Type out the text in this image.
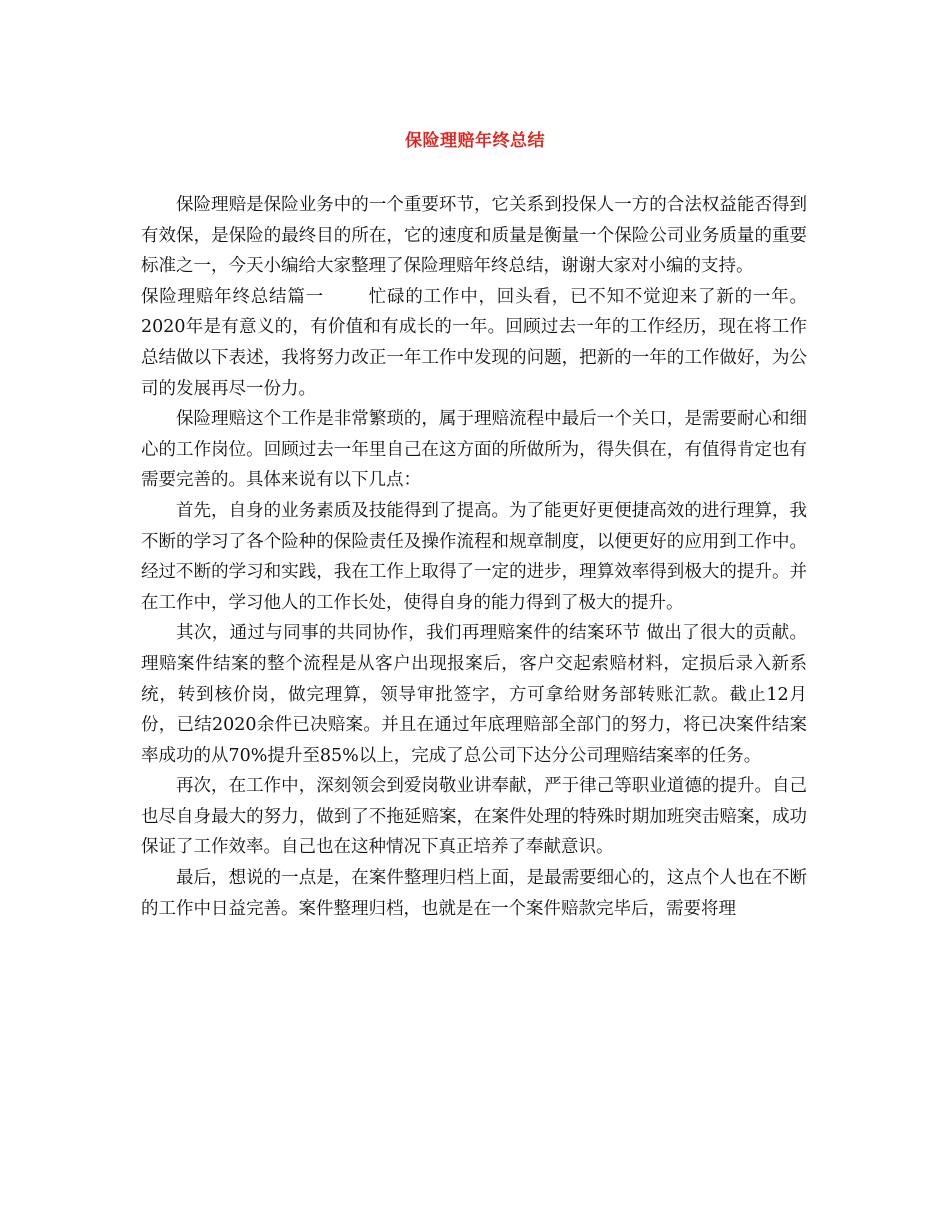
保险理赔年终总结

保险理赔是保险业务中的一个重要环节，它关系到投保人一方的合法权益能否得到有效保，是保险的最终目的所在，它的速度和质量是衡量一个保险公司业务质量的重要标准之一，今天小编给大家整理了保险理赔年终总结，谢谢大家对小编的支持。

保险理赔年终总结篇一	忙碌的工作中，回头看，已不知不觉迎来了新的一年。2020年是有意义的，有价值和有成长的一年。回顾过去一年的工作经历，现在将工作总结做以下表述，我将努力改正一年工作中发现的问题，把新的一年的工作做好，为公司的发展再尽一份力。

保险理赔这个工作是非常繁琐的，属于理赔流程中最后一个关口，是需要耐心和细心的工作岗位。回顾过去一年里自己在这方面的所做所为，得失俱在，有值得肯定也有需要完善的。具体来说有以下几点：

首先，自身的业务素质及技能得到了提高。为了能更好更便捷高效的进行理算，我不断的学习了各个险种的保险责任及操作流程和规章制度，以便更好的应用到工作中。经过不断的学习和实践，我在工作上取得了一定的进步，理算效率得到极大的提升。并在工作中，学习他人的工作长处，使得自身的能力得到了极大的提升。

其次，通过与同事的共同协作，我们再理赔案件的结案环节 做出了很大的贡献。理赔案件结案的整个流程是从客户出现报案后，客户交起索赔材料，定损后录入新系统，转到核价岗，做完理算，领导审批签字，方可拿给财务部转账汇款。截止12月份，已结2020余件已决赔案。并且在通过年底理赔部全部门的努力，将已决案件结案率成功的从70%提升至85%以上，完成了总公司下达分公司理赔结案率的任务。

再次，在工作中，深刻领会到爱岗敬业讲奉献，严于律己等职业道德的提升。自己也尽自身最大的努力，做到了不拖延赔案，在案件处理的特殊时期加班突击赔案，成功保证了工作效率。自己也在这种情况下真正培养了奉献意识。

最后，想说的一点是，在案件整理归档上面，是最需要细心的，这点个人也在不断的工作中日益完善。案件整理归档，也就是在一个案件赔款完毕后，需要将理
